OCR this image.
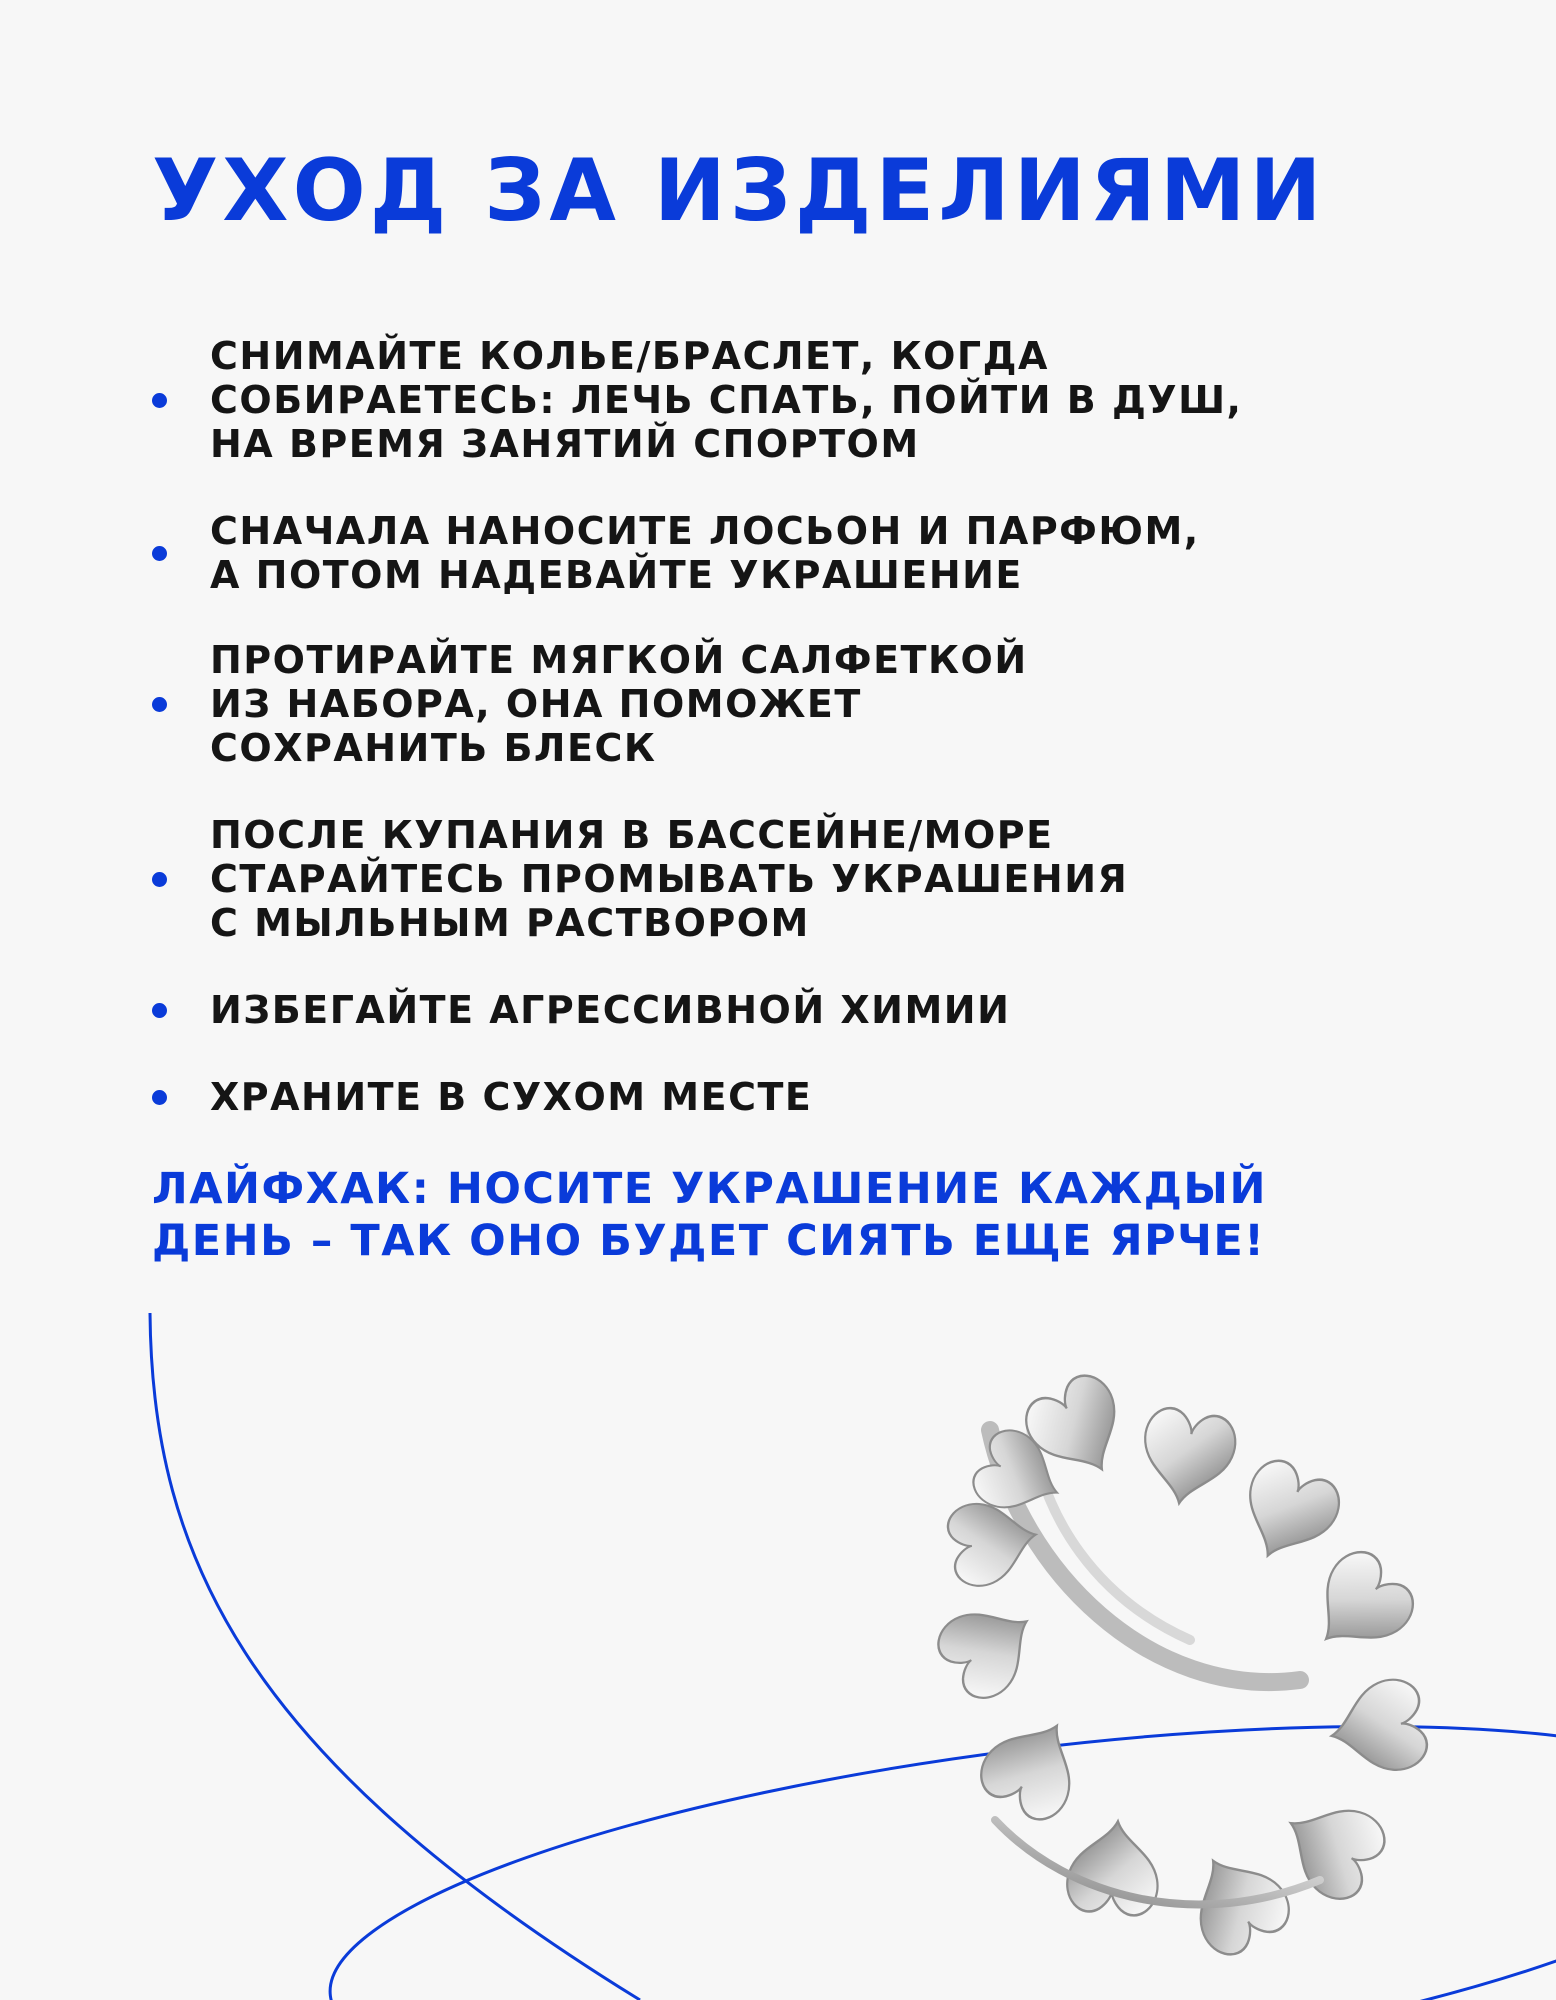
УХОД ЗА ИЗДЕЛИЯМИ
СНИМАЙТЕ КОЛЬЕ/БРАСЛЕТ, КОГДА
СОБИРАЕТЕСЬ: ЛЕЧЬ СПАТЬ, ПОЙТИ В ДУШ,
НА ВРЕМЯ ЗАНЯТИЙ СПОРТОМ
СНАЧАЛА НАНОСИТЕ ЛОСЬОН И ПАРФЮМ,
А ПОТОМ НАДЕВАЙТЕ УКРАШЕНИЕ
ПРОТИРАЙТЕ МЯГКОЙ САЛФЕТКОЙ
ИЗ НАБОРА, ОНА ПОМОЖЕТ
СОХРАНИТЬ БЛЕСК
ПОСЛЕ КУПАНИЯ В БАССЕЙНЕ/МОРЕ
СТАРАЙТЕСЬ ПРОМЫВАТЬ УКРАШЕНИЯ
С МЫЛЬНЫМ РАСТВОРОМ
ИЗБЕГАЙТЕ АГРЕССИВНОЙ ХИМИИ
ХРАНИТЕ В СУХОМ МЕСТЕ

ЛАЙФХАК: НОСИТЕ УКРАШЕНИЕ КАЖДЫЙ
ДЕНЬ – ТАК ОНО БУДЕТ СИЯТЬ ЕЩЕ ЯРЧЕ!
